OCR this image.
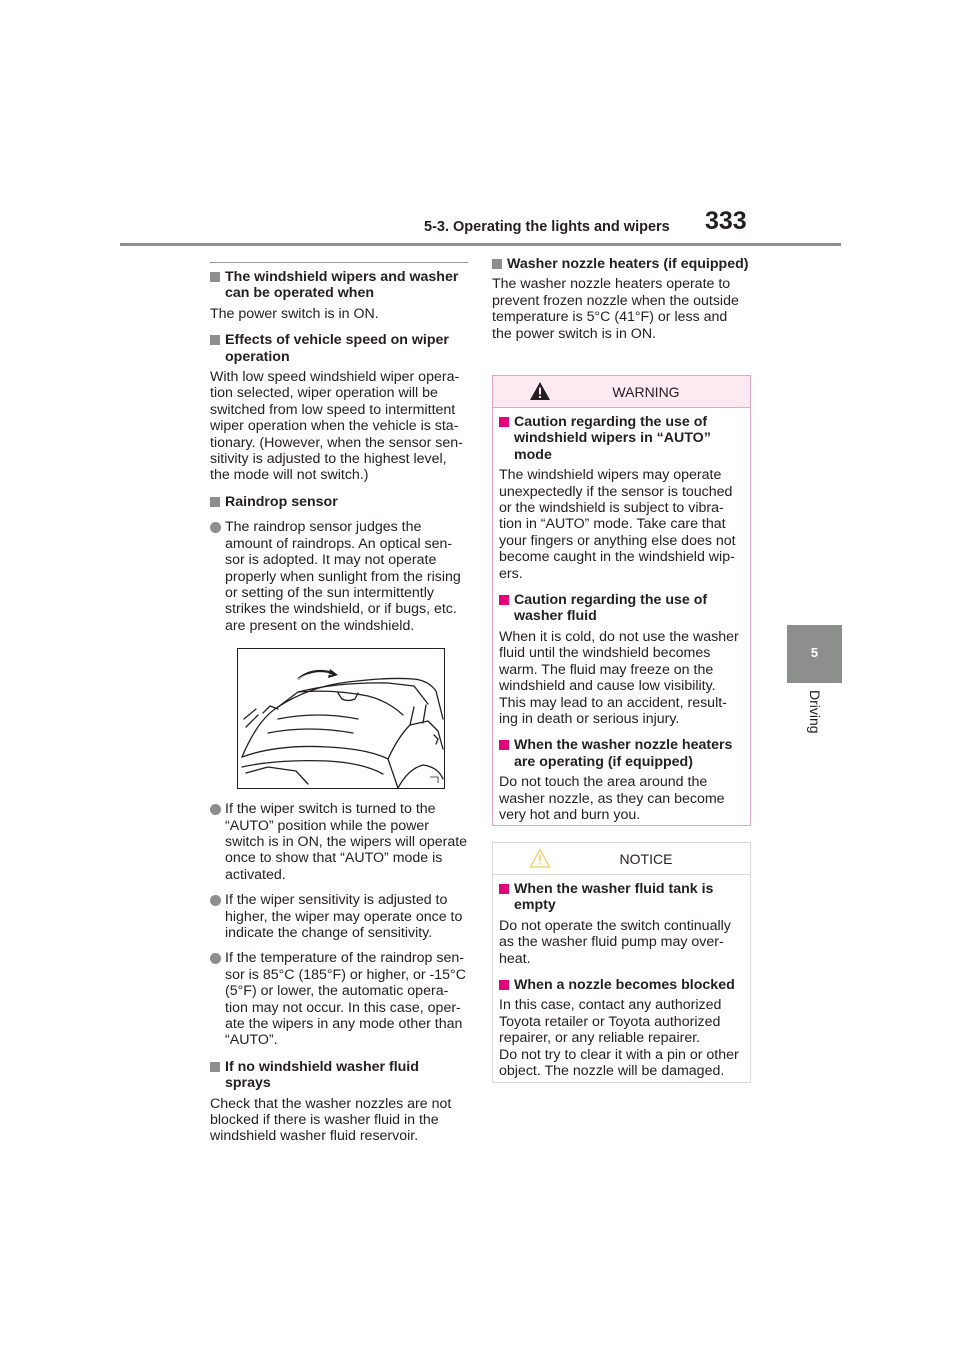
5-3. Operating the lights and wipers 333
5
Driving
The windshield wipers and washer can be operated when
The power switch is in ON.
Effects of vehicle speed on wiper operation
With low speed windshield wiper opera-tion selected, wiper operation will be switched from low speed to intermittent wiper operation when the vehicle is sta-tionary. (However, when the sensor sen-sitivity is adjusted to the highest level, the mode will not switch.)
Raindrop sensor
The raindrop sensor judges the amount of raindrops. An optical sen-sor is adopted. It may not operate properly when sunlight from the rising or setting of the sun intermittently strikes the windshield, or if bugs, etc. are present on the windshield.
If the wiper switch is turned to the “AUTO” position while the power switch is in ON, the wipers will operate once to show that “AUTO” mode is activated.
If the wiper sensitivity is adjusted to higher, the wiper may operate once to indicate the change of sensitivity.
If the temperature of the raindrop sen-sor is 85°C (185°F) or higher, or -15°C (5°F) or lower, the automatic opera-tion may not occur. In this case, oper-ate the wipers in any mode other than “AUTO”.
If no windshield washer fluid sprays
Check that the washer nozzles are not blocked if there is washer fluid in the windshield washer fluid reservoir.
Washer nozzle heaters (if equipped)
The washer nozzle heaters operate to prevent frozen nozzle when the outside temperature is 5°C (41°F) or less and the power switch is in ON.
WARNING
Caution regarding the use of windshield wipers in “AUTO” mode
The windshield wipers may operate unexpectedly if the sensor is touched or the windshield is subject to vibra-tion in “AUTO” mode. Take care that your fingers or anything else does not become caught in the windshield wip-ers.
Caution regarding the use of washer fluid
When it is cold, do not use the washer fluid until the windshield becomes warm. The fluid may freeze on the windshield and cause low visibility. This may lead to an accident, result-ing in death or serious injury.
When the washer nozzle heaters are operating (if equipped)
Do not touch the area around the washer nozzle, as they can become very hot and burn you.
NOTICE
When the washer fluid tank is empty
Do not operate the switch continually as the washer fluid pump may over-heat.
When a nozzle becomes blocked
In this case, contact any authorized Toyota retailer or Toyota authorized repairer, or any reliable repairer.
Do not try to clear it with a pin or other object. The nozzle will be damaged.
